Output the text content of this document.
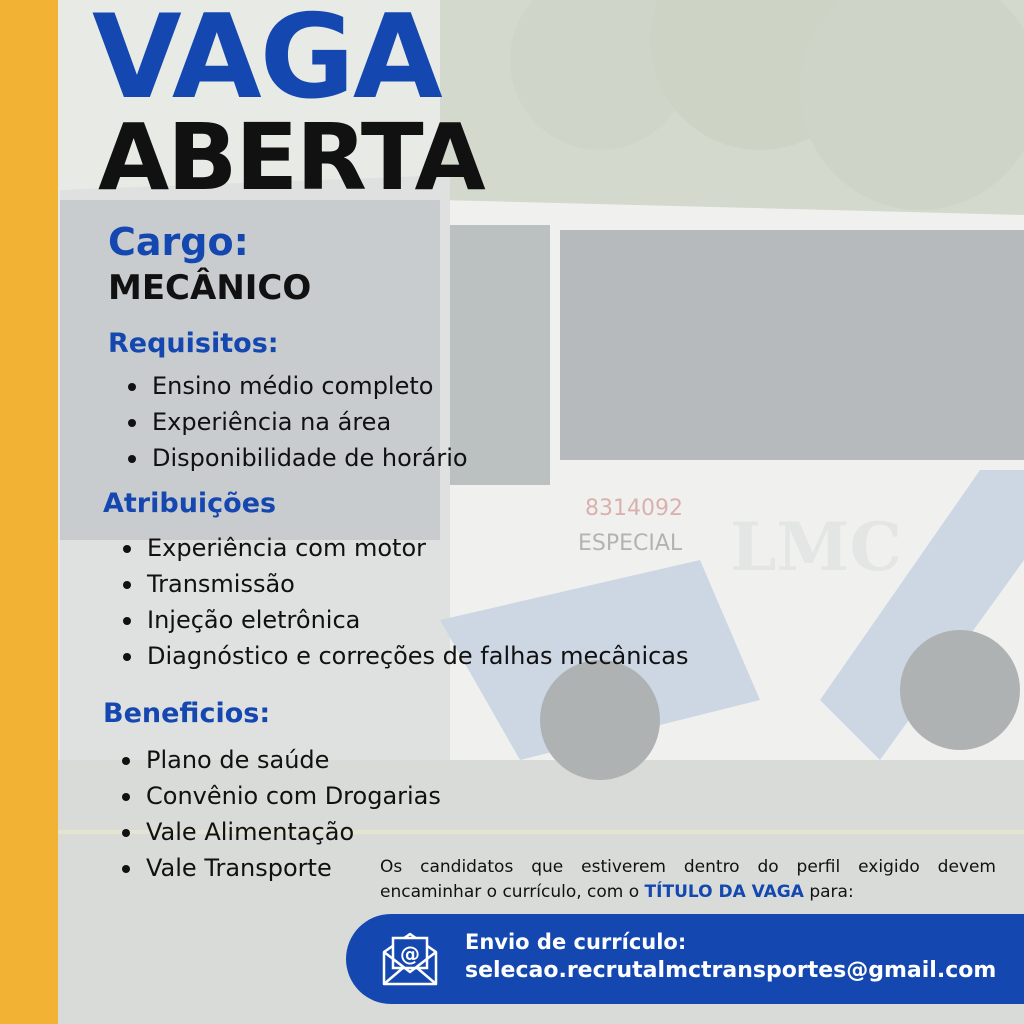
VAGA
ABERTA
Cargo:
MECÂNICO
Requisitos:
Ensino médio completo
Experiência na área
Disponibilidade de horário
Atribuições
Experiência com motor
Transmissão
Injeção eletrônica
Diagnóstico e correções de falhas mecânicas
Beneficios:
Plano de saúde
Convênio com Drogarias
Vale Alimentação
Vale Transporte	Os candidatos que estiverem dentro do perfil exigido devem encaminhar o currículo, com o TÍTULO DA VAGA para:
@ Envio de currículo:
selecao.recrutalmctransportes@gmail.com
